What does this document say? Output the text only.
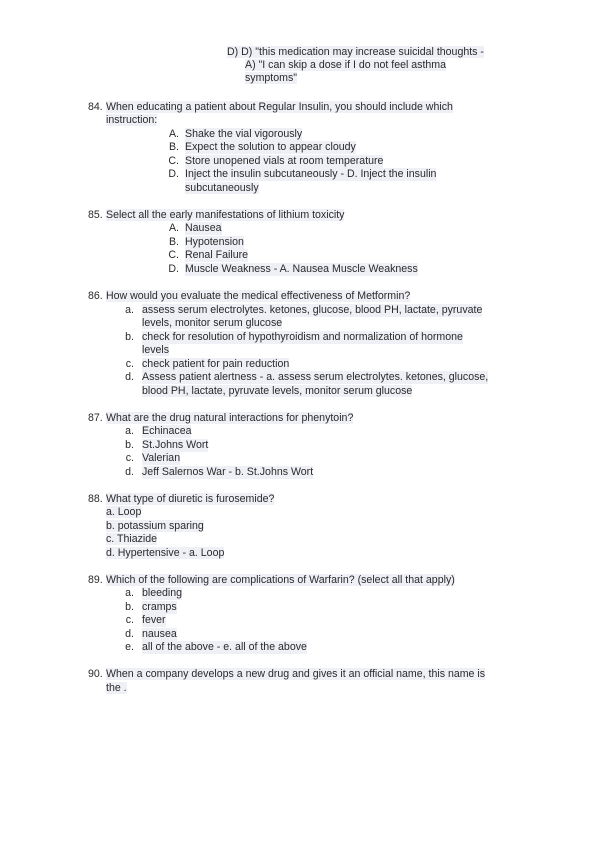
D) D) "this medication may increase suicidal thoughts -
A) "I can skip a dose if I do not feel asthma
symptoms"
84. When educating a patient about Regular Insulin, you should include which
instruction:
A. Shake the vial vigorously
B. Expect the solution to appear cloudy
C. Store unopened vials at room temperature
D. Inject the insulin subcutaneously - D. Inject the insulin
subcutaneously
85. Select all the early manifestations of lithium toxicity
A. Nausea
B. Hypotension
C. Renal Failure
D. Muscle Weakness - A. Nausea Muscle Weakness
86. How would you evaluate the medical effectiveness of Metformin?
a. assess serum electrolytes. ketones, glucose, blood PH, lactate, pyruvate
levels, monitor serum glucose
b. check for resolution of hypothyroidism and normalization of hormone
levels
c. check patient for pain reduction
d. Assess patient alertness - a. assess serum electrolytes. ketones, glucose,
blood PH, lactate, pyruvate levels, monitor serum glucose
87. What are the drug natural interactions for phenytoin?
a. Echinacea
b. St.Johns Wort
c. Valerian
d. Jeff Salernos War - b. St.Johns Wort
88. What type of diuretic is furosemide?
a. Loop
b. potassium sparing
c. Thiazide
d. Hypertensive - a. Loop
89. Which of the following are complications of Warfarin? (select all that apply)
a. bleeding
b. cramps
c. fever
d. nausea
e. all of the above - e. all of the above
90. When a company develops a new drug and gives it an official name, this name is
the .
